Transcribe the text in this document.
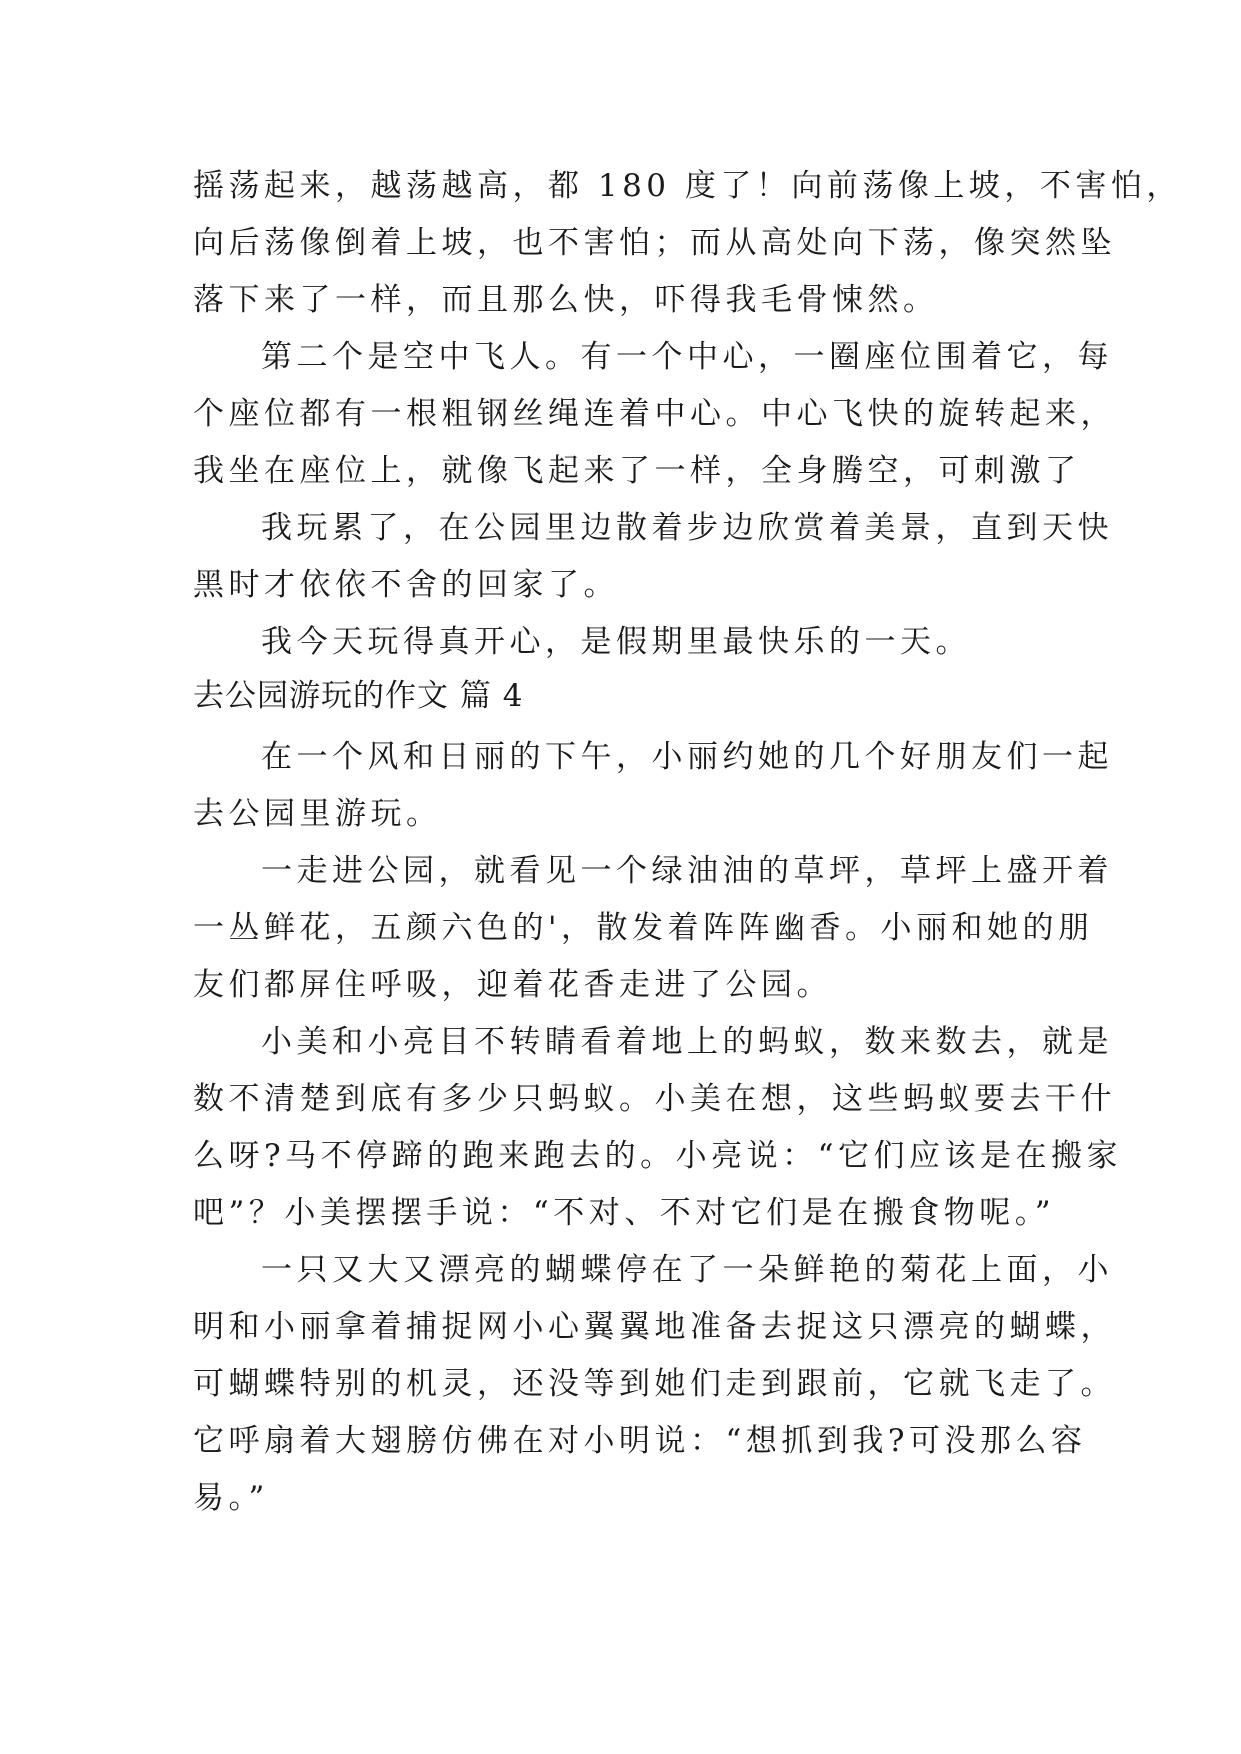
摇荡起来，越荡越高，都 180 度了！向前荡像上坡，不害怕，
向后荡像倒着上坡，也不害怕；而从高处向下荡，像突然坠
落下来了一样，而且那么快，吓得我毛骨悚然。
第二个是空中飞人。有一个中心，一圈座位围着它，每
个座位都有一根粗钢丝绳连着中心。中心飞快的旋转起来，
我坐在座位上，就像飞起来了一样，全身腾空，可刺激了
我玩累了，在公园里边散着步边欣赏着美景，直到天快
黑时才依依不舍的回家了。
我今天玩得真开心，是假期里最快乐的一天。
去公园游玩的作文 篇 4
在一个风和日丽的下午，小丽约她的几个好朋友们一起
去公园里游玩。
一走进公园，就看见一个绿油油的草坪，草坪上盛开着
一丛鲜花，五颜六色的'，散发着阵阵幽香。小丽和她的朋
友们都屏住呼吸，迎着花香走进了公园。
小美和小亮目不转睛看着地上的蚂蚁，数来数去，就是
数不清楚到底有多少只蚂蚁。小美在想，这些蚂蚁要去干什
么呀?马不停蹄的跑来跑去的。小亮说：“它们应该是在搬家
吧”？小美摆摆手说：“不对、不对它们是在搬食物呢。”
一只又大又漂亮的蝴蝶停在了一朵鲜艳的菊花上面，小
明和小丽拿着捕捉网小心翼翼地准备去捉这只漂亮的蝴蝶，
可蝴蝶特别的机灵，还没等到她们走到跟前，它就飞走了。
它呼扇着大翅膀仿佛在对小明说：“想抓到我?可没那么容
易。”
